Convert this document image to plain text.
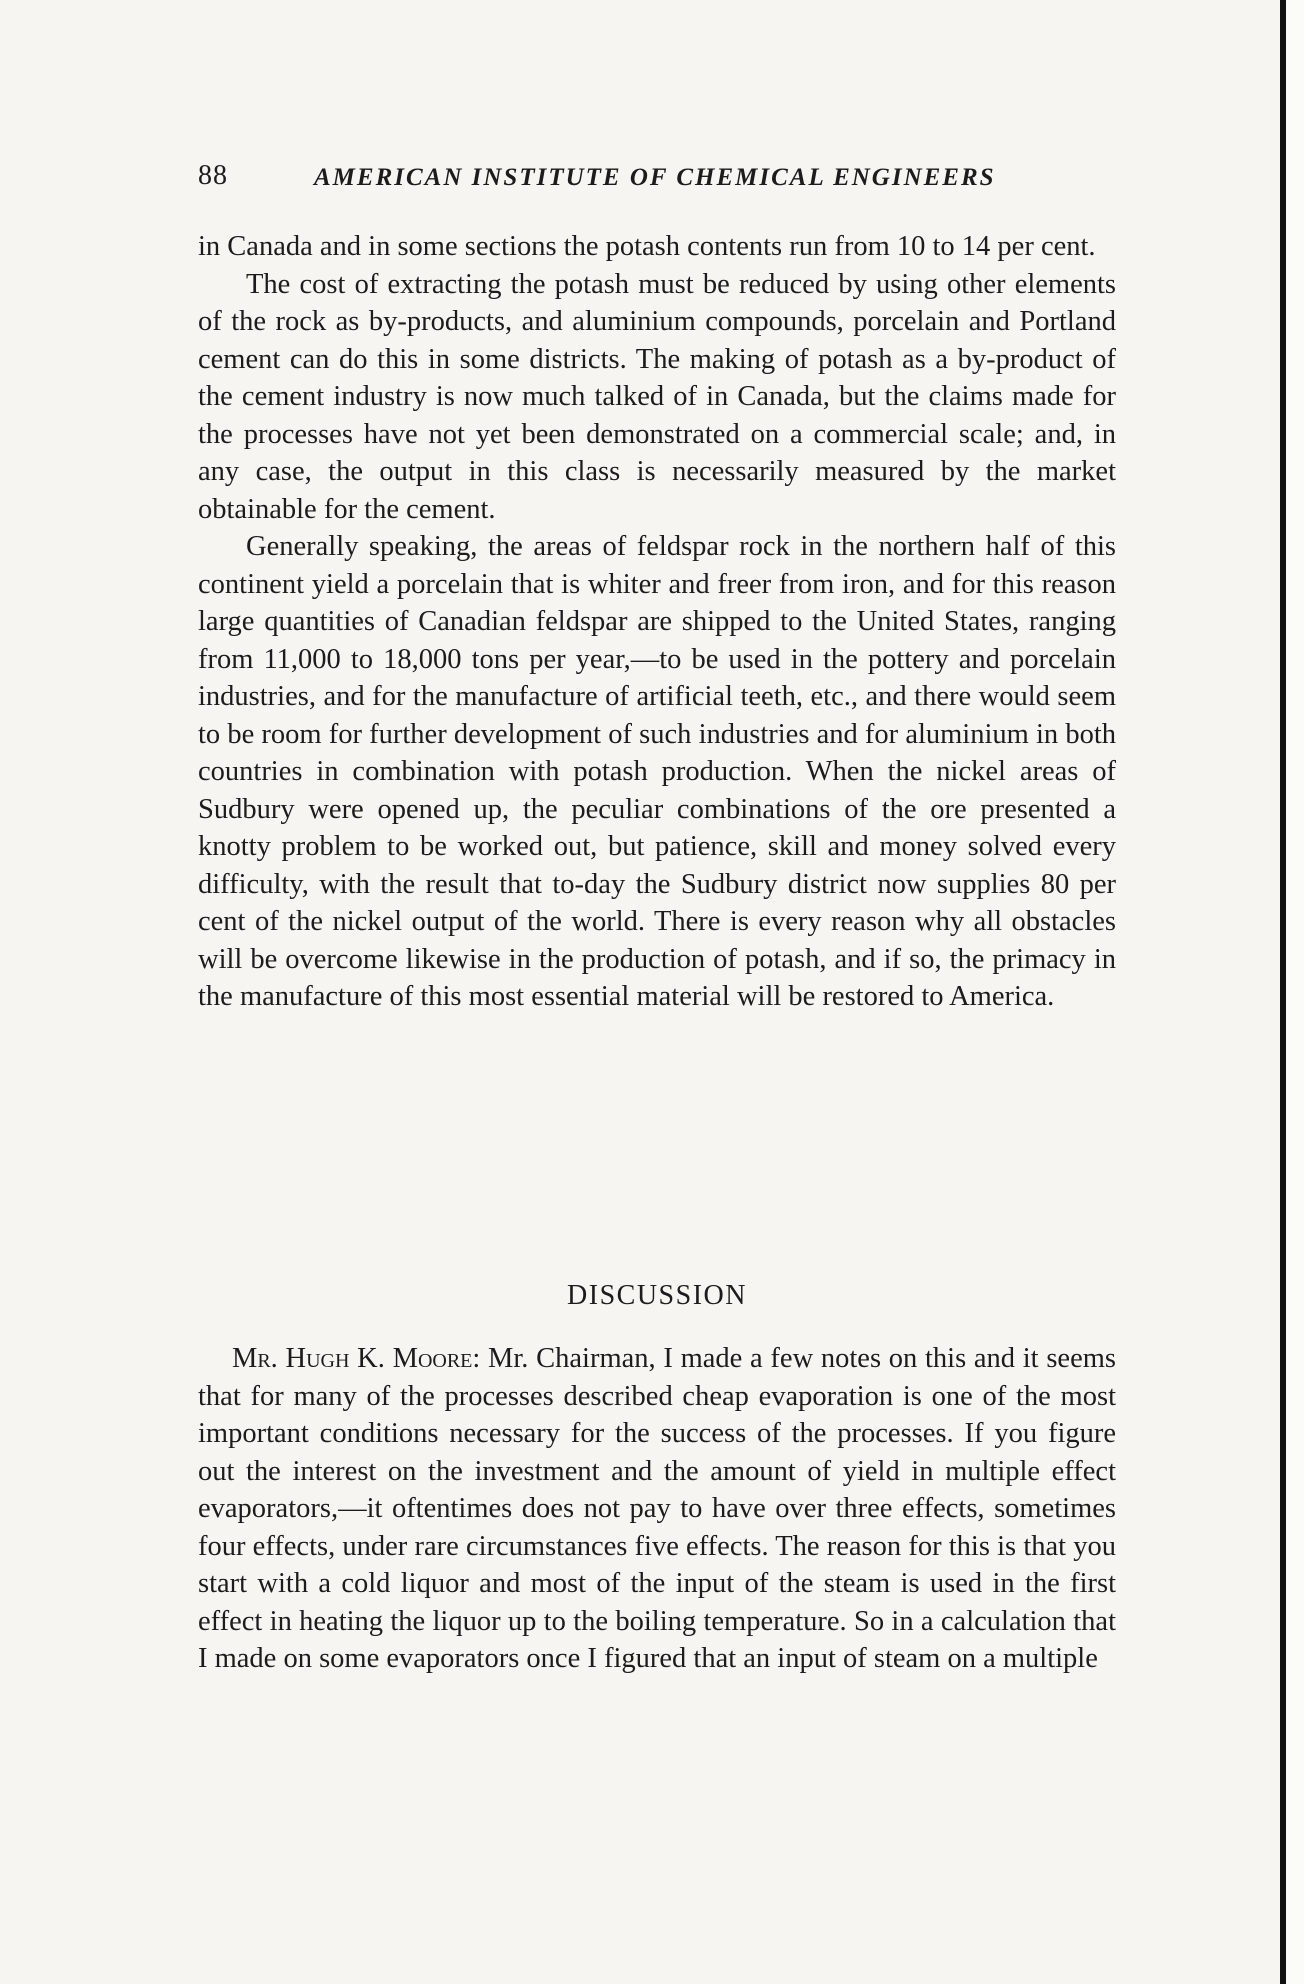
88	AMERICAN INSTITUTE OF CHEMICAL ENGINEERS

in Canada and in some sections the potash contents run from 10 to 14 per cent.

The cost of extracting the potash must be reduced by using other elements of the rock as by-products, and aluminium compounds, porcelain and Portland cement can do this in some districts. The making of potash as a by-product of the cement industry is now much talked of in Canada, but the claims made for the processes have not yet been demonstrated on a commercial scale; and, in any case, the output in this class is necessarily measured by the market obtainable for the cement.

Generally speaking, the areas of feldspar rock in the northern half of this continent yield a porcelain that is whiter and freer from iron, and for this reason large quantities of Canadian feldspar are shipped to the United States, ranging from 11,000 to 18,000 tons per year,—to be used in the pottery and porcelain industries, and for the manufacture of artificial teeth, etc., and there would seem to be room for further development of such industries and for aluminium in both countries in combination with potash production. When the nickel areas of Sudbury were opened up, the peculiar combinations of the ore presented a knotty problem to be worked out, but patience, skill and money solved every difficulty, with the result that to-day the Sudbury district now supplies 80 per cent of the nickel output of the world. There is every reason why all obstacles will be overcome likewise in the production of potash, and if so, the primacy in the manufacture of this most essential material will be restored to America.

DISCUSSION

Mr. Hugh K. Moore: Mr. Chairman, I made a few notes on this and it seems that for many of the processes described cheap evaporation is one of the most important conditions necessary for the success of the processes. If you figure out the interest on the investment and the amount of yield in multiple effect evaporators,—it oftentimes does not pay to have over three effects, sometimes four effects, under rare circumstances five effects. The reason for this is that you start with a cold liquor and most of the input of the steam is used in the first effect in heating the liquor up to the boiling temperature. So in a calculation that I made on some evaporators once I figured that an input of steam on a multiple
